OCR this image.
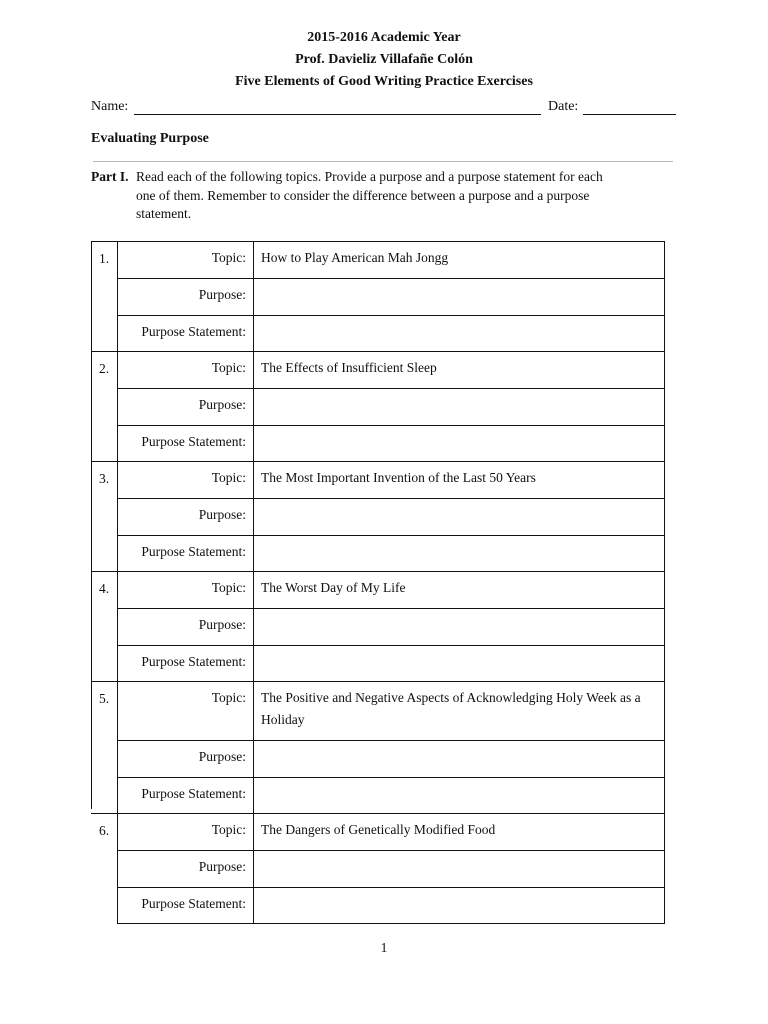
2015-2016 Academic Year
Prof. Davieliz Villafañe Colón
Five Elements of Good Writing Practice Exercises
Name:	Date:
Evaluating Purpose
Part I. Read each of the following topics. Provide a purpose and a purpose statement for each
one of them. Remember to consider the difference between a purpose and a purpose
statement.
1.	Topic: How to Play American Mah Jongg
Purpose:
Purpose Statement:
2.	Topic: The Effects of Insufficient Sleep
Purpose:
Purpose Statement:
3.	Topic: The Most Important Invention of the Last 50 Years
Purpose:
Purpose Statement:
4.	Topic: The Worst Day of My Life
Purpose:
Purpose Statement:
5.	Topic: The Positive and Negative Aspects of Acknowledging Holy Week as a Holiday
Purpose:
Purpose Statement:
6.	Topic: The Dangers of Genetically Modified Food
Purpose:
Purpose Statement:
1
